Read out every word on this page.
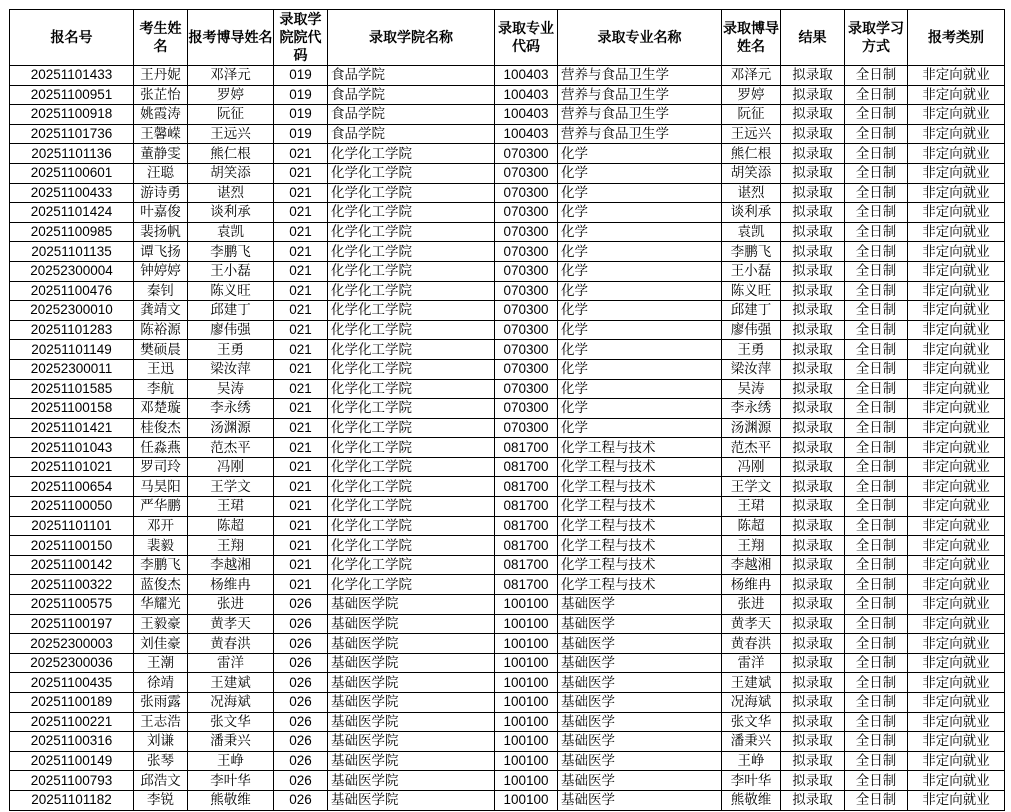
报名号	考生姓名	报考博导姓名	录取学院院代码	录取学院名称	录取专业代码	录取专业名称	录取博导姓名	结果	录取学习方式	报考类别
20251101433	王丹妮	邓泽元	019	食品学院	100403	营养与食品卫生学	邓泽元	拟录取	全日制	非定向就业
20251100951	张芷怡	罗婷	019	食品学院	100403	营养与食品卫生学	罗婷	拟录取	全日制	非定向就业
20251100918	姚霞涛	阮征	019	食品学院	100403	营养与食品卫生学	阮征	拟录取	全日制	非定向就业
20251101736	王馨嵘	王远兴	019	食品学院	100403	营养与食品卫生学	王远兴	拟录取	全日制	非定向就业
20251101136	董静雯	熊仁根	021	化学化工学院	070300	化学	熊仁根	拟录取	全日制	非定向就业
20251100601	汪聪	胡笑添	021	化学化工学院	070300	化学	胡笑添	拟录取	全日制	非定向就业
20251100433	游诗勇	谌烈	021	化学化工学院	070300	化学	谌烈	拟录取	全日制	非定向就业
20251101424	叶嘉俊	谈利承	021	化学化工学院	070300	化学	谈利承	拟录取	全日制	非定向就业
20251100985	裴扬帆	袁凯	021	化学化工学院	070300	化学	袁凯	拟录取	全日制	非定向就业
20251101135	谭飞扬	李鹏飞	021	化学化工学院	070300	化学	李鹏飞	拟录取	全日制	非定向就业
20252300004	钟婷婷	王小磊	021	化学化工学院	070300	化学	王小磊	拟录取	全日制	非定向就业
20251100476	秦钊	陈义旺	021	化学化工学院	070300	化学	陈义旺	拟录取	全日制	非定向就业
20252300010	龚靖文	邱建丁	021	化学化工学院	070300	化学	邱建丁	拟录取	全日制	非定向就业
20251101283	陈裕源	廖伟强	021	化学化工学院	070300	化学	廖伟强	拟录取	全日制	非定向就业
20251101149	樊硕晨	王勇	021	化学化工学院	070300	化学	王勇	拟录取	全日制	非定向就业
20252300011	王迅	梁汝萍	021	化学化工学院	070300	化学	梁汝萍	拟录取	全日制	非定向就业
20251101585	李航	吴涛	021	化学化工学院	070300	化学	吴涛	拟录取	全日制	非定向就业
20251100158	邓楚璇	李永绣	021	化学化工学院	070300	化学	李永绣	拟录取	全日制	非定向就业
20251101421	桂俊杰	汤渊源	021	化学化工学院	070300	化学	汤渊源	拟录取	全日制	非定向就业
20251101043	任淼燕	范杰平	021	化学化工学院	081700	化学工程与技术	范杰平	拟录取	全日制	非定向就业
20251101021	罗司玲	冯刚	021	化学化工学院	081700	化学工程与技术	冯刚	拟录取	全日制	非定向就业
20251100654	马昊阳	王学文	021	化学化工学院	081700	化学工程与技术	王学文	拟录取	全日制	非定向就业
20251100050	严华鹏	王珺	021	化学化工学院	081700	化学工程与技术	王珺	拟录取	全日制	非定向就业
20251101101	邓开	陈超	021	化学化工学院	081700	化学工程与技术	陈超	拟录取	全日制	非定向就业
20251100150	裴毅	王翔	021	化学化工学院	081700	化学工程与技术	王翔	拟录取	全日制	非定向就业
20251100142	李鹏飞	李越湘	021	化学化工学院	081700	化学工程与技术	李越湘	拟录取	全日制	非定向就业
20251100322	蓝俊杰	杨维冉	021	化学化工学院	081700	化学工程与技术	杨维冉	拟录取	全日制	非定向就业
20251100575	华耀光	张进	026	基础医学院	100100	基础医学	张进	拟录取	全日制	非定向就业
20251100197	王毅豪	黄孝天	026	基础医学院	100100	基础医学	黄孝天	拟录取	全日制	非定向就业
20252300003	刘佳豪	黄春洪	026	基础医学院	100100	基础医学	黄春洪	拟录取	全日制	非定向就业
20252300036	王潮	雷洋	026	基础医学院	100100	基础医学	雷洋	拟录取	全日制	非定向就业
20251100435	徐靖	王建斌	026	基础医学院	100100	基础医学	王建斌	拟录取	全日制	非定向就业
20251100189	张雨露	况海斌	026	基础医学院	100100	基础医学	况海斌	拟录取	全日制	非定向就业
20251100221	王志浩	张文华	026	基础医学院	100100	基础医学	张文华	拟录取	全日制	非定向就业
20251100316	刘谦	潘秉兴	026	基础医学院	100100	基础医学	潘秉兴	拟录取	全日制	非定向就业
20251100149	张琴	王峥	026	基础医学院	100100	基础医学	王峥	拟录取	全日制	非定向就业
20251100793	邱浩文	李叶华	026	基础医学院	100100	基础医学	李叶华	拟录取	全日制	非定向就业
20251101182	李锐	熊敬维	026	基础医学院	100100	基础医学	熊敬维	拟录取	全日制	非定向就业
